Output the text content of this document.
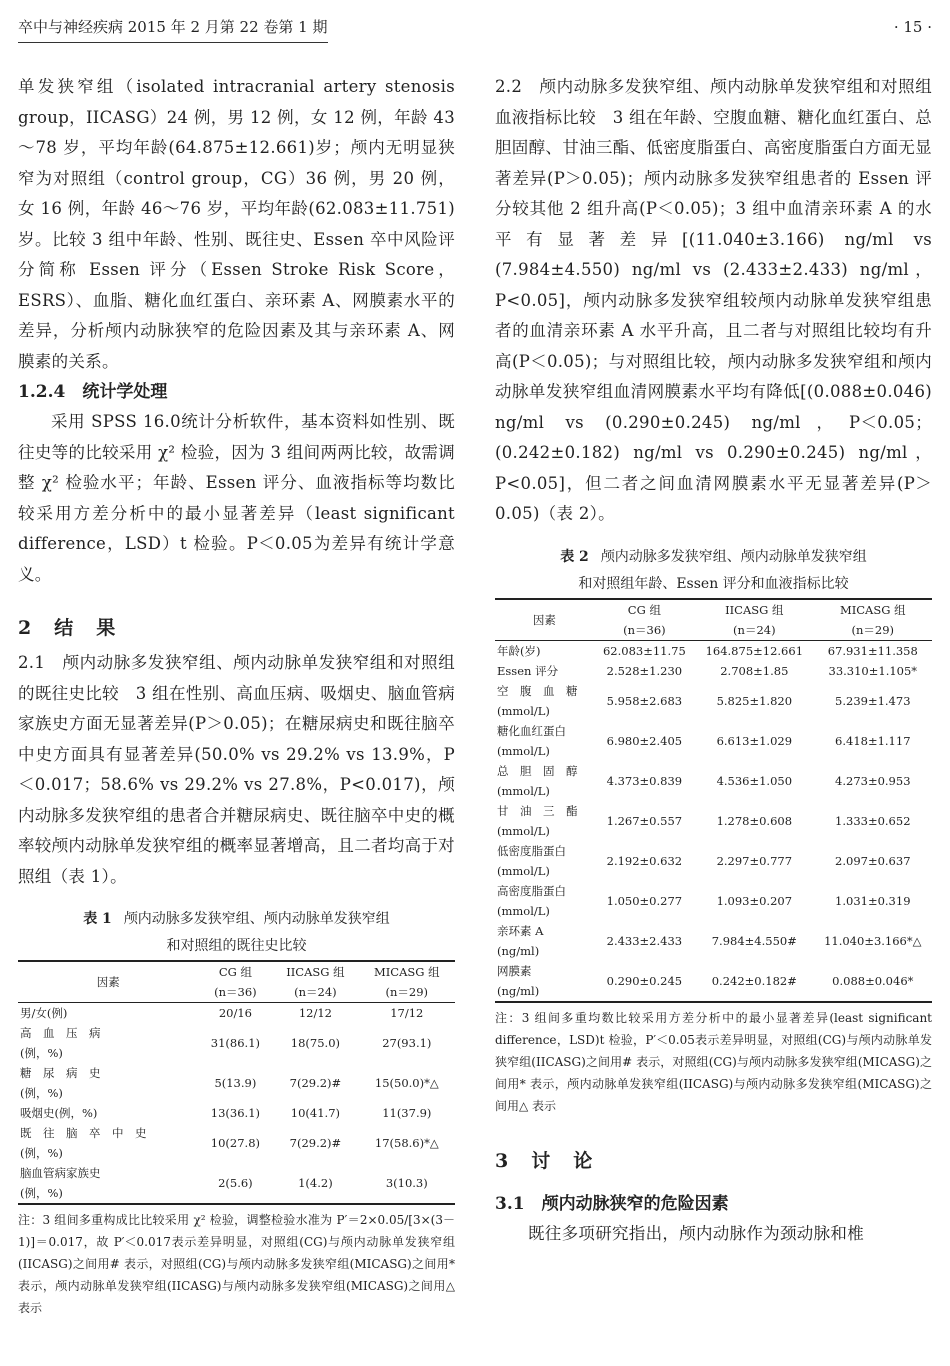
卒中与神经疾病 2015 年 2 月第 22 卷第 1 期	· 15 ·

单发狭窄组（isolated intracranial artery stenosis group，IICASG）24 例，男 12 例，女 12 例，年龄 43～78 岁，平均年龄(64.875±12.661)岁；颅内无明显狭窄为对照组（control group，CG）36 例，男 20 例，女 16 例，年龄 46～76 岁，平均年龄(62.083±11.751)岁。比较 3 组中年龄、性别、既往史、Essen 卒中风险评分简称 Essen 评分（Essen Stroke Risk Score，ESRS）、血脂、糖化血红蛋白、亲环素 A、网膜素水平的差异，分析颅内动脉狭窄的危险因素及其与亲环素 A、网膜素的关系。

1.2.4　统计学处理

采用 SPSS 16.0统计分析软件，基本资料如性别、既往史等的比较采用 χ² 检验，因为 3 组间两两比较，故需调整 χ² 检验水平；年龄、Essen 评分、血液指标等均数比较采用方差分析中的最小显著差异（least significant difference，LSD）t 检验。P＜0.05为差异有统计学意义。

2　结　果

2.1　颅内动脉多发狭窄组、颅内动脉单发狭窄组和对照组的既往史比较　3 组在性别、高血压病、吸烟史、脑血管病家族史方面无显著差异(P＞0.05)；在糖尿病史和既往脑卒中史方面具有显著差异(50.0% vs 29.2% vs 13.9%，P＜0.017；58.6% vs 29.2% vs 27.8%，P<0.017)，颅内动脉多发狭窄组的患者合并糖尿病史、既往脑卒中史的概率较颅内动脉单发狭窄组的概率显著增高，且二者均高于对照组（表 1）。

表 1 颅内动脉多发狭窄组、颅内动脉单发狭窄组
和对照组的既往史比较
因素	CG 组	IICASG 组	MICASG 组
	(n＝36)	(n＝24)	(n＝29)
男/女(例)	20/16	12/12	17/12
高　血　压　病
(例，%)	31(86.1)	18(75.0)	27(93.1)
糖　尿　病　史
(例，%)	5(13.9)	7(29.2)#	15(50.0)*△
吸烟史(例，%)	13(36.1)	10(41.7)	11(37.9)
既　往　脑　卒　中　史
(例，%)	10(27.8)	7(29.2)#	17(58.6)*△
脑血管病家族史
(例，%)	2(5.6)	1(4.2)	3(10.3)

注：3 组间多重构成比比较采用 χ² 检验，调整检验水准为 P′＝2×0.05/[3×(3－1)]＝0.017，故 P′＜0.017表示差异明显，对照组(CG)与颅内动脉单发狭窄组(IICASG)之间用# 表示，对照组(CG)与颅内动脉多发狭窄组(MICASG)之间用* 表示，颅内动脉单发狭窄组(IICASG)与颅内动脉多发狭窄组(MICASG)之间用△ 表示

2.2　颅内动脉多发狭窄组、颅内动脉单发狭窄组和对照组血液指标比较　3 组在年龄、空腹血糖、糖化血红蛋白、总胆固醇、甘油三酯、低密度脂蛋白、高密度脂蛋白方面无显著差异(P＞0.05)；颅内动脉多发狭窄组患者的 Essen 评分较其他 2 组升高(P＜0.05)；3 组中血清亲环素 A 的水平有显著差异[(11.040±3.166) ng/ml vs (7.984±4.550) ng/ml vs (2.433±2.433) ng/ml，P<0.05]，颅内动脉多发狭窄组较颅内动脉单发狭窄组患者的血清亲环素 A 水平升高，且二者与对照组比较均有升高(P＜0.05)；与对照组比较，颅内动脉多发狭窄组和颅内动脉单发狭窄组血清网膜素水平均有降低[(0.088±0.046) ng/ml vs (0.290±0.245) ng/ml，P＜0.05；(0.242±0.182) ng/ml vs 0.290±0.245) ng/ml，P<0.05]，但二者之间血清网膜素水平无显著差异(P＞0.05)（表 2）。

表 2 颅内动脉多发狭窄组、颅内动脉单发狭窄组
和对照组年龄、Essen 评分和血液指标比较
因素	CG 组	IICASG 组	MICASG 组
	(n＝36)	(n＝24)	(n＝29)
年龄(岁)	62.083±11.75	164.875±12.661	67.931±11.358
Essen 评分	2.528±1.230	2.708±1.85	33.310±1.105*
空　腹　血　糖
(mmol/L)	5.958±2.683	5.825±1.820	5.239±1.473
糖化血红蛋白
(mmol/L)	6.980±2.405	6.613±1.029	6.418±1.117
总　胆　固　醇
(mmol/L)	4.373±0.839	4.536±1.050	4.273±0.953
甘　油　三　酯
(mmol/L)	1.267±0.557	1.278±0.608	1.333±0.652
低密度脂蛋白
(mmol/L)	2.192±0.632	2.297±0.777	2.097±0.637
高密度脂蛋白
(mmol/L)	1.050±0.277	1.093±0.207	1.031±0.319
亲环素 A
(ng/ml)	2.433±2.433	7.984±4.550#	11.040±3.166*△
网膜素
(ng/ml)	0.290±0.245	0.242±0.182#	0.088±0.046*

注：3 组间多重均数比较采用方差分析中的最小显著差异(least significant difference，LSD)t 检验，P′＜0.05表示差异明显，对照组(CG)与颅内动脉单发狭窄组(IICASG)之间用# 表示，对照组(CG)与颅内动脉多发狭窄组(MICASG)之间用* 表示，颅内动脉单发狭窄组(IICASG)与颅内动脉多发狭窄组(MICASG)之间用△ 表示

3　讨　论
3.1　颅内动脉狭窄的危险因素

既往多项研究指出，颅内动脉作为颈动脉和椎
